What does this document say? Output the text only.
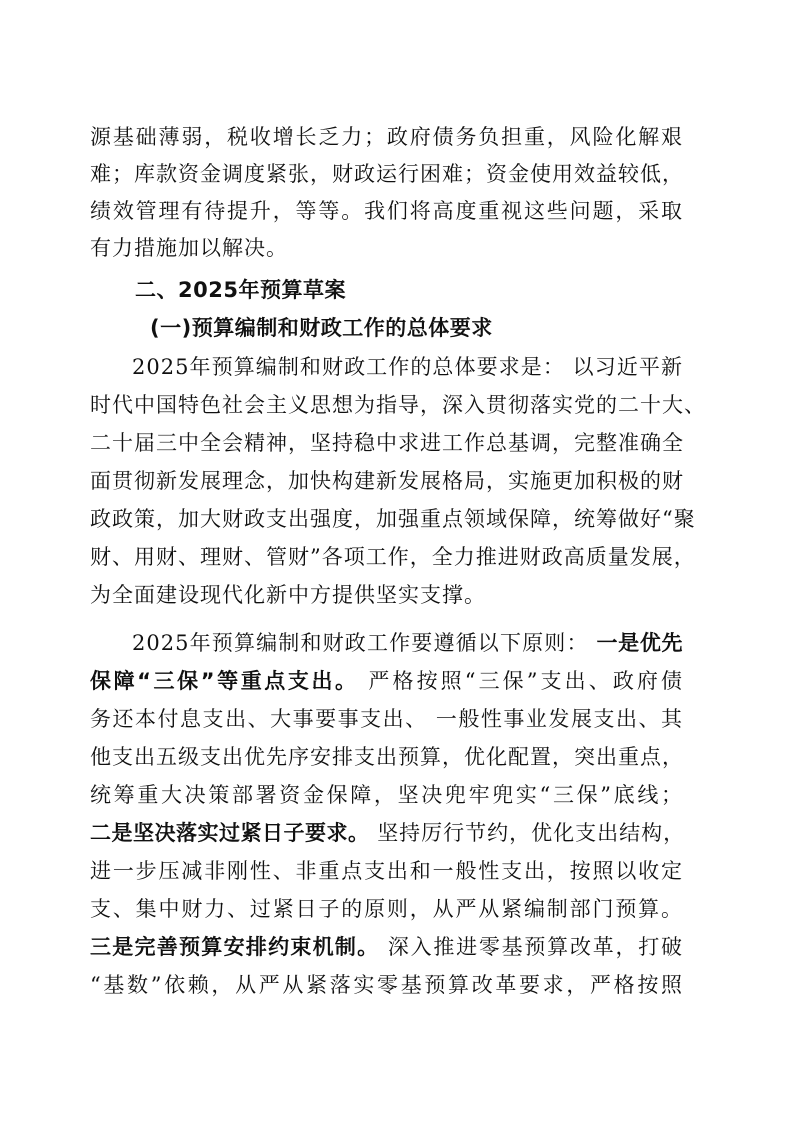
源基础薄弱，税收增长乏力；政府债务负担重，风险化解艰
难；库款资金调度紧张，财政运行困难；资金使用效益较低，
绩效管理有待提升，等等。我们将高度重视这些问题，采取
有力措施加以解决。
二、2025年预算草案
(一)预算编制和财政工作的总体要求
2025年预算编制和财政工作的总体要求是： 以习近平新
时代中国特色社会主义思想为指导，深入贯彻落实党的二十大、
二十届三中全会精神，坚持稳中求进工作总基调，完整准确全
面贯彻新发展理念，加快构建新发展格局，实施更加积极的财
政政策，加大财政支出强度，加强重点领域保障，统筹做好“聚
财、用财、理财、管财”各项工作，全力推进财政高质量发展，
为全面建设现代化新中方提供坚实支撑。
2025年预算编制和财政工作要遵循以下原则： 一是优先
保障“三保”等重点支出。 严格按照“三保”支出、政府债
务还本付息支出、大事要事支出、 一般性事业发展支出、其
他支出五级支出优先序安排支出预算，优化配置，突出重点，
统筹重大决策部署资金保障，坚决兜牢兜实“三保”底线；
二是坚决落实过紧日子要求。 坚持厉行节约，优化支出结构，
进一步压减非刚性、非重点支出和一般性支出，按照以收定
支、集中财力、过紧日子的原则，从严从紧编制部门预算。
三是完善预算安排约束机制。 深入推进零基预算改革，打破
“基数”依赖，从严从紧落实零基预算改革要求，严格按照
